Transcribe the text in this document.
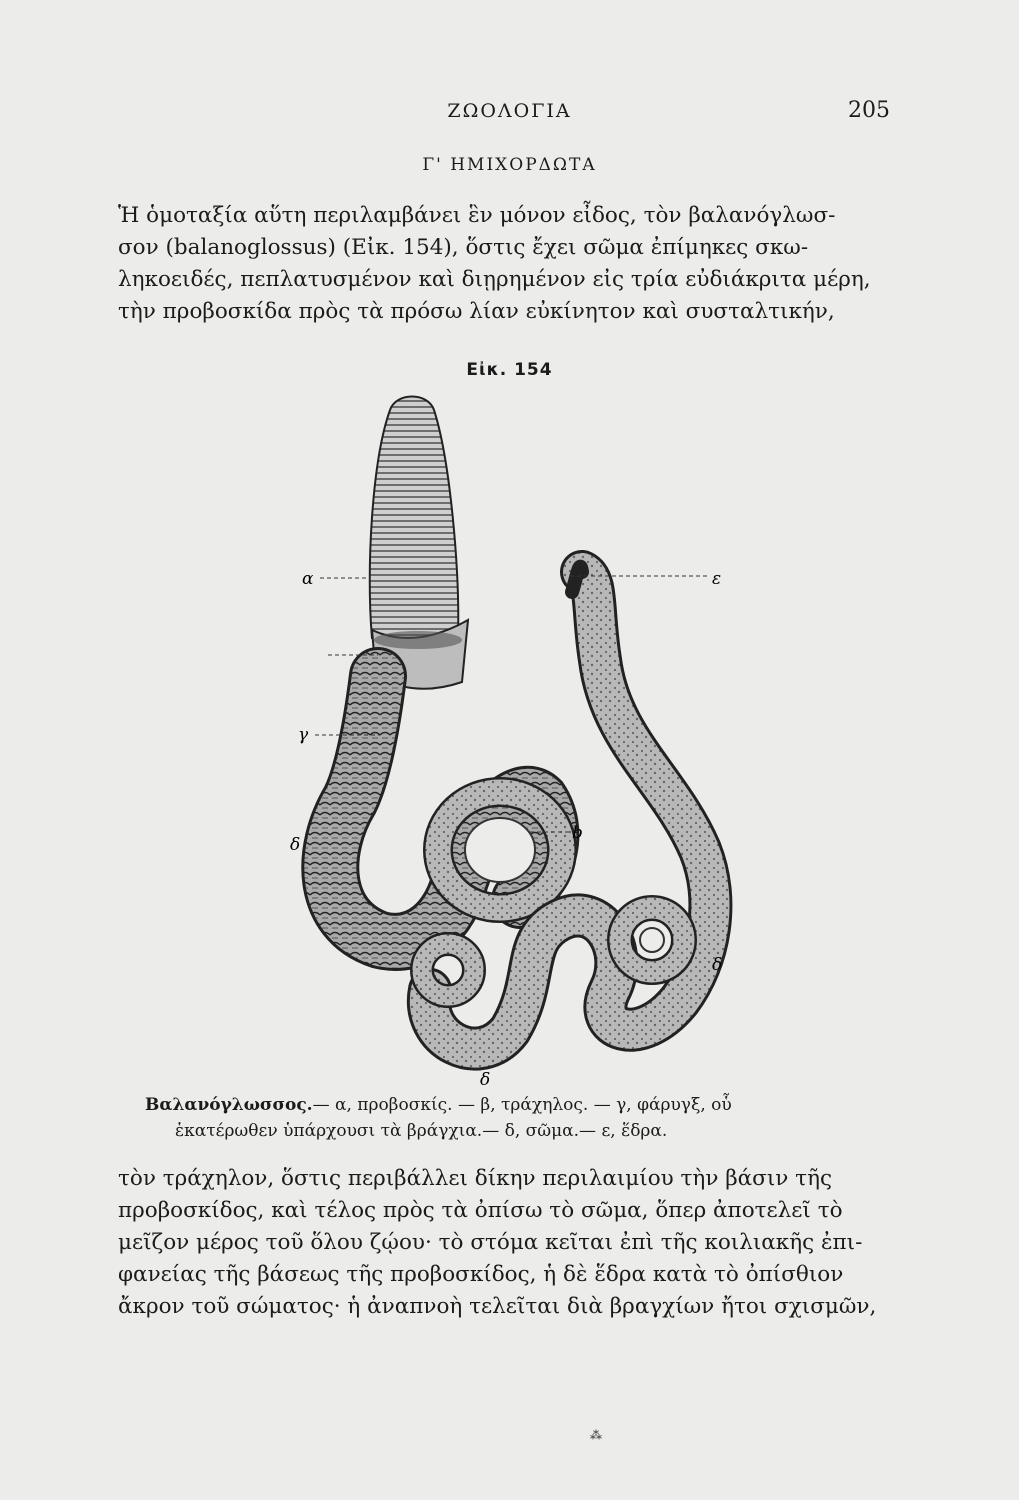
ΖΩΟΛΟΓΙΑ	205
Γ' ΗΜΙΧΟΡΔΩΤΑ
Ἡ ὁμοταξία αὕτη περιλαμβάνει ἓν μόνον εἶδος, τὸν βαλανόγλωσ-
σον (balanoglossus) (Εἰκ. 154), ὅστις ἔχει σῶμα ἐπίμηκες σκω-
ληκοειδές, πεπλατυσμένον καὶ διῃρημένον εἰς τρία εὐδιάκριτα μέρη,
τὴν προβοσκίδα πρὸς τὰ πρόσω λίαν εὐκίνητον καὶ συσταλτικήν,
Εἰκ. 154
α	ε
γ
δ
b
δ
δ
Βαλανόγλωσσος.— α, προβοσκίς. — β, τράχηλος. — γ, φάρυγξ, οὗ
ἑκατέρωθεν ὑπάρχουσι τὰ βράγχια.— δ, σῶμα.— ε, ἕδρα.
τὸν τράχηλον, ὅστις περιβάλλει δίκην περιλαιμίου τὴν βάσιν τῆς
προβοσκίδος, καὶ τέλος πρὸς τὰ ὀπίσω τὸ σῶμα, ὅπερ ἀποτελεῖ τὸ
μεῖζον μέρος τοῦ ὅλου ζῴου· τὸ στόμα κεῖται ἐπὶ τῆς κοιλιακῆς ἐπι-
φανείας τῆς βάσεως τῆς προβοσκίδος, ἡ δὲ ἕδρα κατὰ τὸ ὀπίσθιον
ἄκρον τοῦ σώματος· ἡ ἀναπνοὴ τελεῖται διὰ βραγχίων ἤτοι σχισμῶν,
⁂
